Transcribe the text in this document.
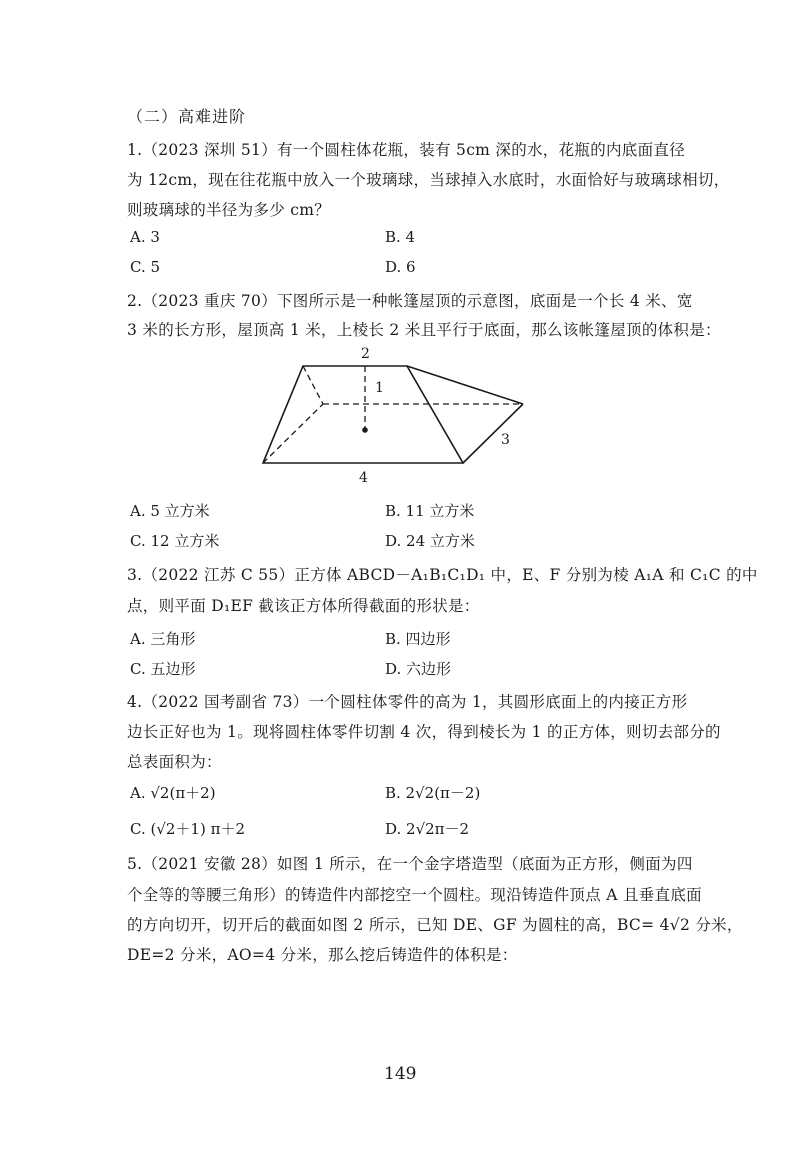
（二）高难进阶
1.（2023 深圳 51）有一个圆柱体花瓶，装有 5cm 深的水，花瓶的内底面直径
为 12cm，现在往花瓶中放入一个玻璃球，当球掉入水底时，水面恰好与玻璃球相切，
则玻璃球的半径为多少 cm？
A. 3	B. 4
C. 5	D. 6
2.（2023 重庆 70）下图所示是一种帐篷屋顶的示意图，底面是一个长 4 米、宽
3 米的长方形，屋顶高 1 米，上棱长 2 米且平行于底面，那么该帐篷屋顶的体积是：
2
1
3
4
A. 5 立方米	B. 11 立方米
C. 12 立方米	D. 24 立方米
3.（2022 江苏 C 55）正方体 ABCD－A₁B₁C₁D₁ 中，E、F 分别为棱 A₁A 和 C₁C 的中
点，则平面 D₁EF 截该正方体所得截面的形状是：
A. 三角形	B. 四边形
C. 五边形	D. 六边形
4.（2022 国考副省 73）一个圆柱体零件的高为 1，其圆形底面上的内接正方形
边长正好也为 1。现将圆柱体零件切割 4 次，得到棱长为 1 的正方体，则切去部分的
总表面积为：
A. √2(π＋2)	B. 2√2(π－2)
C. (√2＋1) π＋2	D. 2√2π－2
5.（2021 安徽 28）如图 1 所示，在一个金字塔造型（底面为正方形，侧面为四
个全等的等腰三角形）的铸造件内部挖空一个圆柱。现沿铸造件顶点 A 且垂直底面
的方向切开，切开后的截面如图 2 所示，已知 DE、GF 为圆柱的高，BC= 4√2 分米，
DE=2 分米，AO=4 分米，那么挖后铸造件的体积是：
149
